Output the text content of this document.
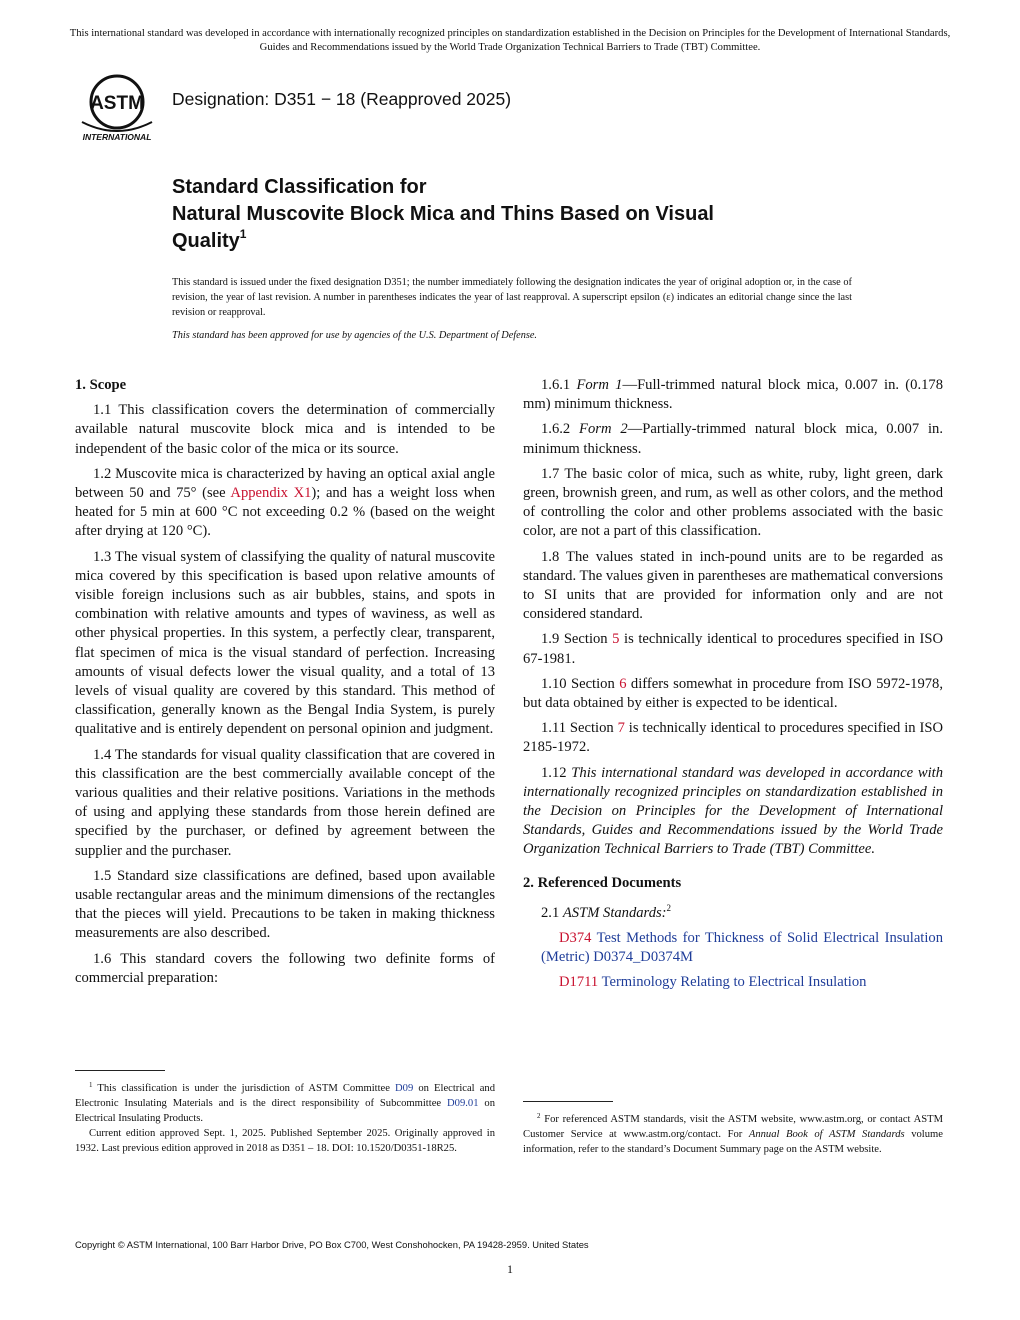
This international standard was developed in accordance with internationally recognized principles on standardization established in the Decision on Principles for the Development of International Standards, Guides and Recommendations issued by the World Trade Organization Technical Barriers to Trade (TBT) Committee.
ASTM
INTERNATIONAL
Designation: D351 − 18 (Reapproved 2025)
Standard Classification for
Natural Muscovite Block Mica and Thins Based on Visual
Quality$^1$
This standard is issued under the fixed designation D351; the number immediately following the designation indicates the year of original adoption or, in the case of revision, the year of last revision. A number in parentheses indicates the year of last reapproval. A superscript epsilon (ε) indicates an editorial change since the last revision or reapproval.
This standard has been approved for use by agencies of the U.S. Department of Defense.
1. Scope

1.1 This classification covers the determination of commercially available natural muscovite block mica and is intended to be independent of the basic color of the mica or its source.

1.2 Muscovite mica is characterized by having an optical axial angle between 50 and 75° (see Appendix X1); and has a weight loss when heated for 5 min at 600 °C not exceeding 0.2 % (based on the weight after drying at 120 °C).

1.3 The visual system of classifying the quality of natural muscovite mica covered by this specification is based upon relative amounts of visible foreign inclusions such as air bubbles, stains, and spots in combination with relative amounts and types of waviness, as well as other physical properties. In this system, a perfectly clear, transparent, flat specimen of mica is the visual standard of perfection. Increasing amounts of visual defects lower the visual quality, and a total of 13 levels of visual quality are covered by this standard. This method of classification, generally known as the Bengal India System, is purely qualitative and is entirely dependent on personal opinion and judgment.

1.4 The standards for visual quality classification that are covered in this classification are the best commercially available concept of the various qualities and their relative positions. Variations in the methods of using and applying these standards from those herein defined are specified by the purchaser, or defined by agreement between the supplier and the purchaser.

1.5 Standard size classifications are defined, based upon available usable rectangular areas and the minimum dimensions of the rectangles that the pieces will yield. Precautions to be taken in making thickness measurements are also described.

1.6 This standard covers the following two definite forms of commercial preparation:

1.6.1 Form 1—Full-trimmed natural block mica, 0.007 in. (0.178 mm) minimum thickness.

1.6.2 Form 2—Partially-trimmed natural block mica, 0.007 in. minimum thickness.

1.7 The basic color of mica, such as white, ruby, light green, dark green, brownish green, and rum, as well as other colors, and the method of controlling the color and other problems associated with the basic color, are not a part of this classification.

1.8 The values stated in inch-pound units are to be regarded as standard. The values given in parentheses are mathematical conversions to SI units that are provided for information only and are not considered standard.

1.9 Section 5 is technically identical to procedures specified in ISO 67-1981.

1.10 Section 6 differs somewhat in procedure from ISO 5972-1978, but data obtained by either is expected to be identical.

1.11 Section 7 is technically identical to procedures specified in ISO 2185-1972.

1.12 This international standard was developed in accordance with internationally recognized principles on standardization established in the Decision on Principles for the Development of International Standards, Guides and Recommendations issued by the World Trade Organization Technical Barriers to Trade (TBT) Committee.

2. Referenced Documents

2.1 ASTM Standards:$^2$

D374 Test Methods for Thickness of Solid Electrical Insulation (Metric) D0374_D0374M

D1711 Terminology Relating to Electrical Insulation

$^1$ This classification is under the jurisdiction of ASTM Committee D09 on Electrical and Electronic Insulating Materials and is the direct responsibility of Subcommittee D09.01 on Electrical Insulating Products.

Current edition approved Sept. 1, 2025. Published September 2025. Originally approved in 1932. Last previous edition approved in 2018 as D351 – 18. DOI: 10.1520/D0351-18R25.

$^2$ For referenced ASTM standards, visit the ASTM website, www.astm.org, or contact ASTM Customer Service at www.astm.org/contact. For Annual Book of ASTM Standards volume information, refer to the standard’s Document Summary page on the ASTM website.

Copyright © ASTM International, 100 Barr Harbor Drive, PO Box C700, West Conshohocken, PA 19428-2959. United States
1
